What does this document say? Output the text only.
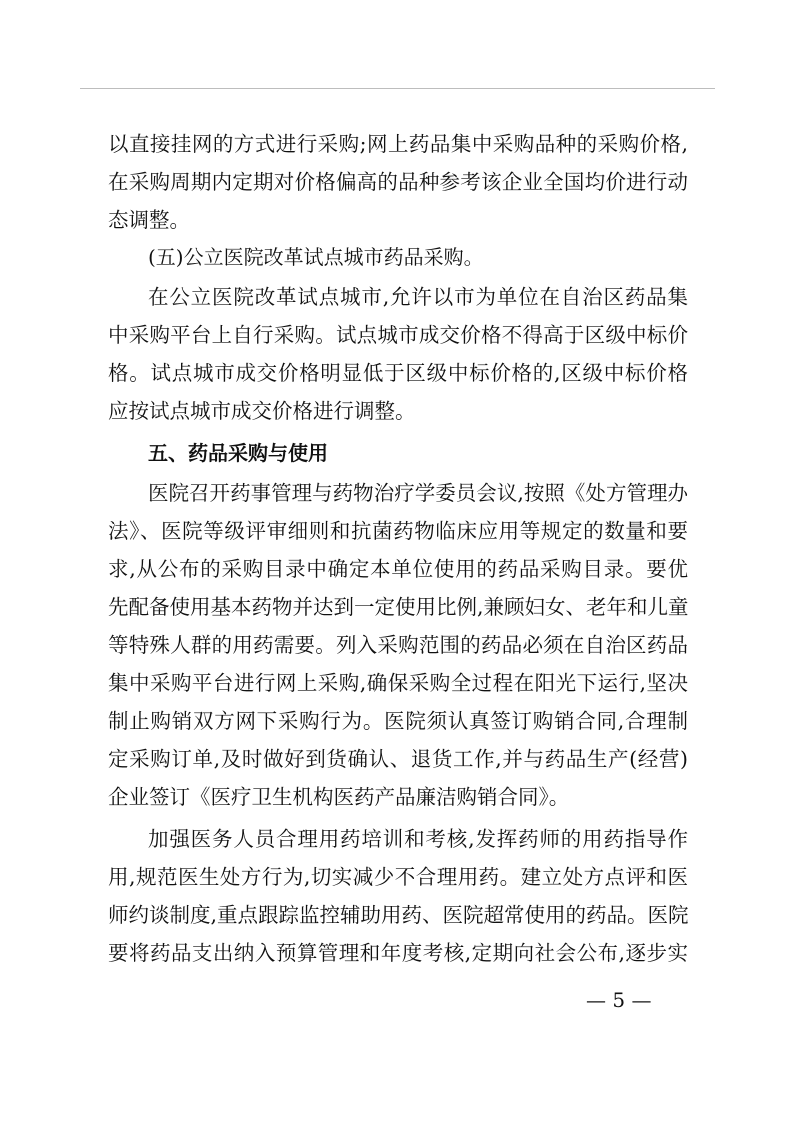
以直接挂网的方式进行采购;网上药品集中采购品种的采购价格,
在采购周期内定期对价格偏高的品种参考该企业全国均价进行动
态调整。
(五)公立医院改革试点城市药品采购。
在公立医院改革试点城市,允许以市为单位在自治区药品集
中采购平台上自行采购。试点城市成交价格不得高于区级中标价
格。试点城市成交价格明显低于区级中标价格的,区级中标价格
应按试点城市成交价格进行调整。
五、药品采购与使用
医院召开药事管理与药物治疗学委员会议,按照《处方管理办
法》、医院等级评审细则和抗菌药物临床应用等规定的数量和要
求,从公布的采购目录中确定本单位使用的药品采购目录。要优
先配备使用基本药物并达到一定使用比例,兼顾妇女、老年和儿童
等特殊人群的用药需要。列入采购范围的药品必须在自治区药品
集中采购平台进行网上采购,确保采购全过程在阳光下运行,坚决
制止购销双方网下采购行为。医院须认真签订购销合同,合理制
定采购订单,及时做好到货确认、退货工作,并与药品生产(经营)
企业签订《医疗卫生机构医药产品廉洁购销合同》。
加强医务人员合理用药培训和考核,发挥药师的用药指导作
用,规范医生处方行为,切实减少不合理用药。建立处方点评和医
师约谈制度,重点跟踪监控辅助用药、医院超常使用的药品。医院
要将药品支出纳入预算管理和年度考核,定期向社会公布,逐步实
— 5 —
